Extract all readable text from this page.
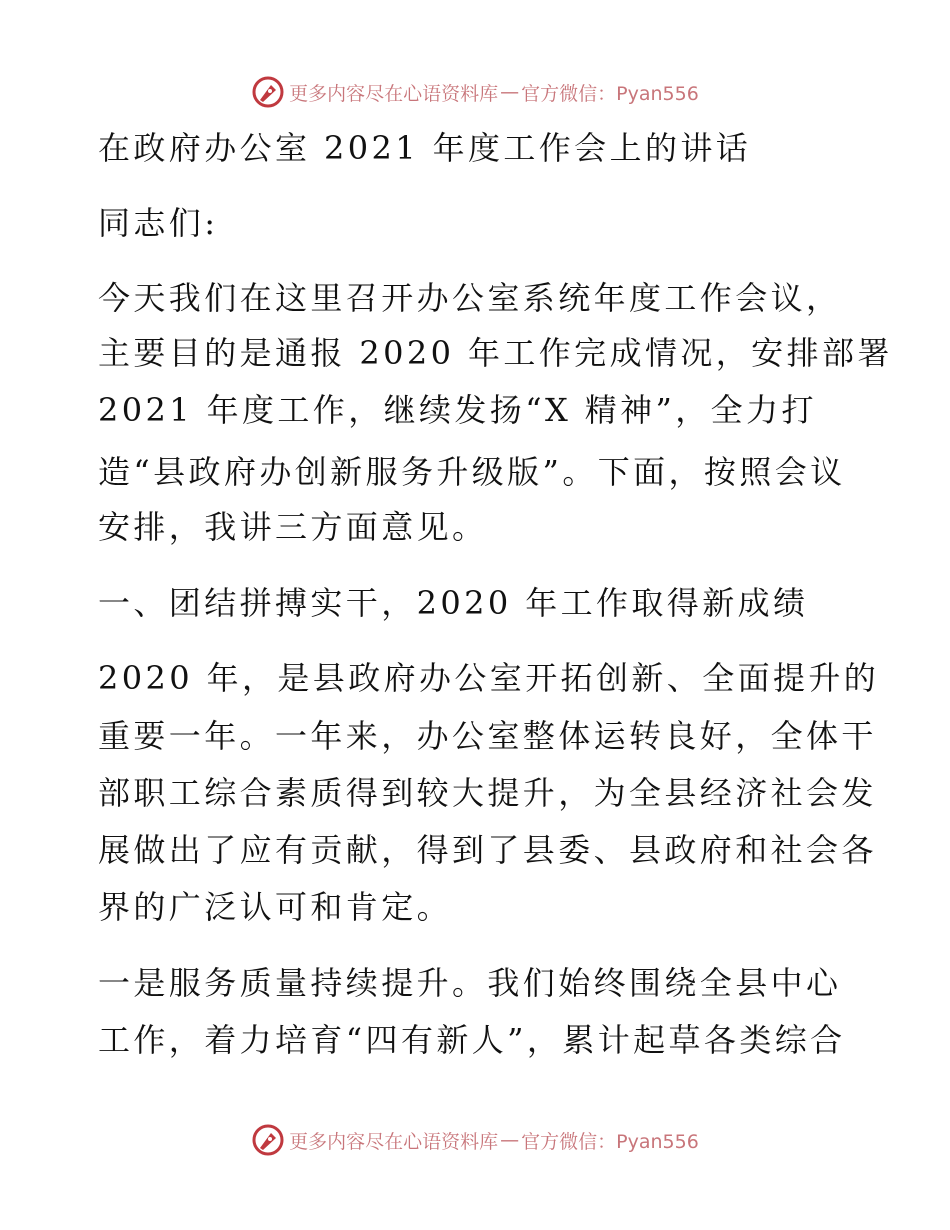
更多内容尽在心语资料库 — 官方微信：Pyan556

在政府办公室 2021 年度工作会上的讲话

同志们:

今天我们在这里召开办公室系统年度工作会议，

主要目的是通报 2020 年工作完成情况，安排部署

2021 年度工作，继续发扬“X 精神”，全力打

造“县政府办创新服务升级版”。下面，按照会议

安排，我讲三方面意见。

一、团结拼搏实干，2020 年工作取得新成绩

2020 年，是县政府办公室开拓创新、全面提升的

重要一年。一年来，办公室整体运转良好，全体干

部职工综合素质得到较大提升，为全县经济社会发

展做出了应有贡献，得到了县委、县政府和社会各

界的广泛认可和肯定。

一是服务质量持续提升。我们始终围绕全县中心

工作，着力培育“四有新人”，累计起草各类综合

更多内容尽在心语资料库 — 官方微信：Pyan556
